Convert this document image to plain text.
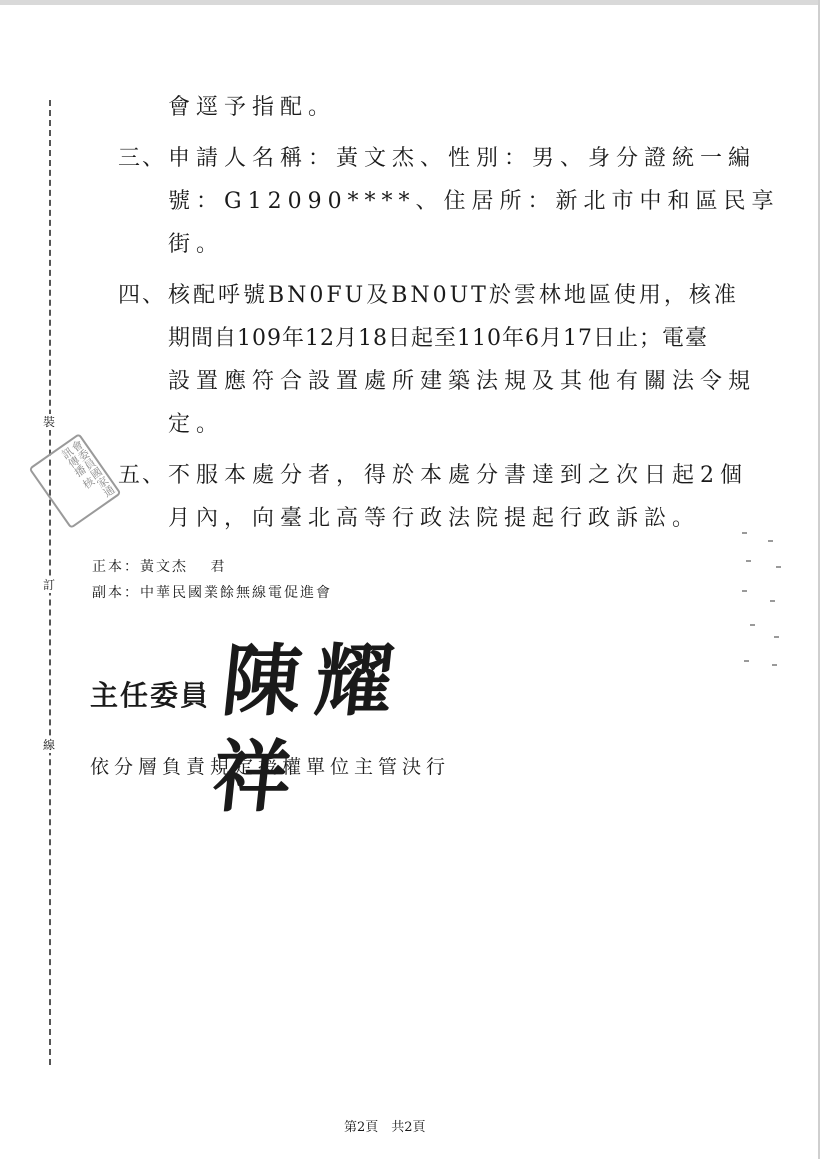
裝
訂
線
會委員國家通訊傳播 核
會逕予指配。
三、 申請人名稱：黃文杰、性別：男、身分證統一編
號：G12090****、住居所：新北市中和區民享
街。
四、 核配呼號BN0FU及BN0UT於雲林地區使用，核准
期間自109年12月18日起至110年6月17日止；電臺
設置應符合設置處所建築法規及其他有關法令規
定。
五、 不服本處分者，得於本處分書達到之次日起2個
月內，向臺北高等行政法院提起行政訴訟。
正本：黃文杰　 君
副本：中華民國業餘無線電促進會
主任委員 陳耀祥
依分層負責規定授權單位主管決行
第2頁　共2頁
